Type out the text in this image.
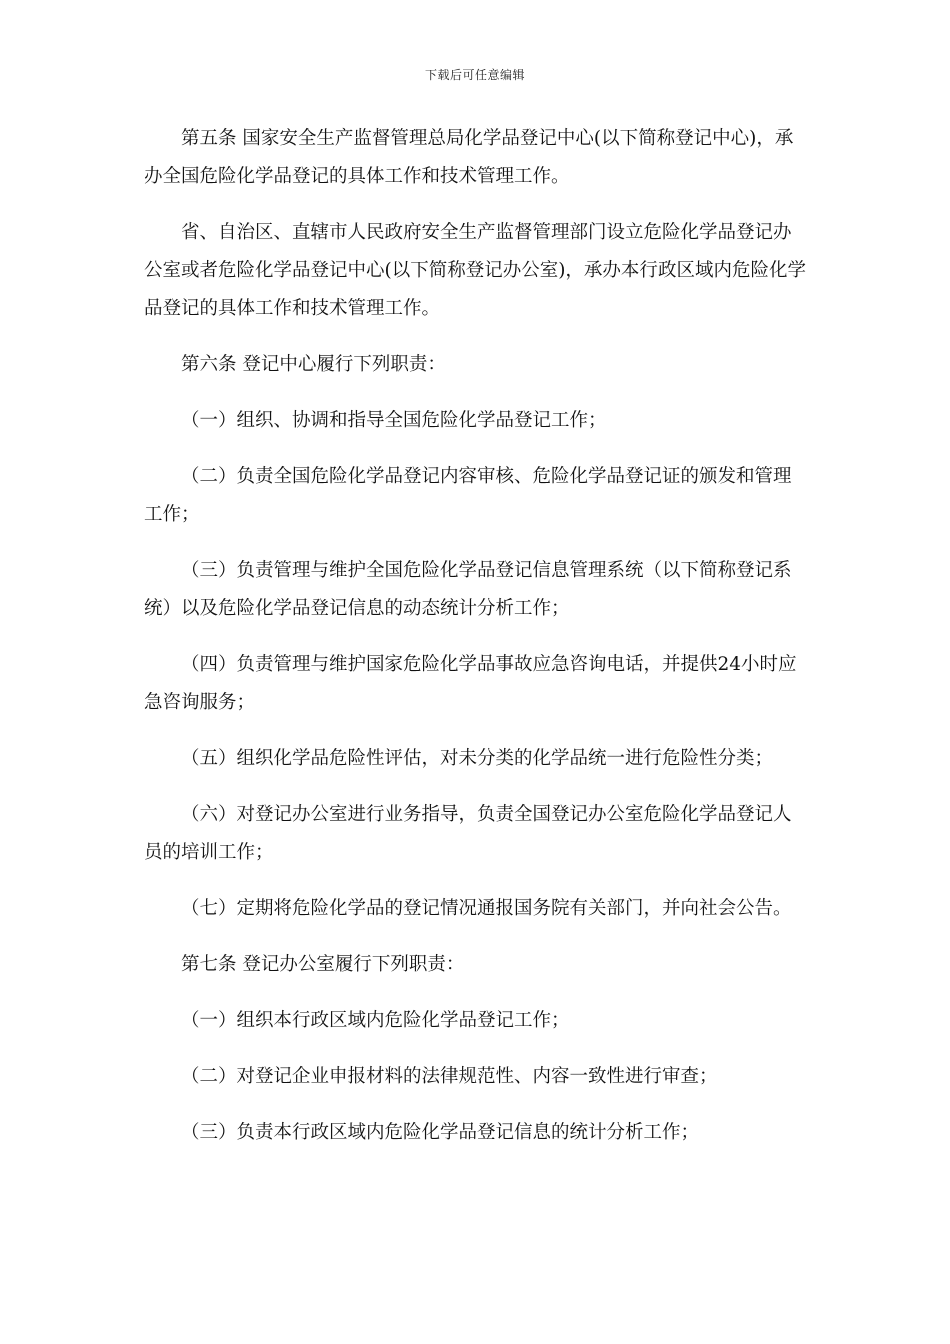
下载后可任意编辑

第五条 国家安全生产监督管理总局化学品登记中心(以下简称登记中心)，承办全国危险化学品登记的具体工作和技术管理工作。

省、自治区、直辖市人民政府安全生产监督管理部门设立危险化学品登记办公室或者危险化学品登记中心(以下简称登记办公室)，承办本行政区域内危险化学品登记的具体工作和技术管理工作。

第六条 登记中心履行下列职责：

（一）组织、协调和指导全国危险化学品登记工作；

（二）负责全国危险化学品登记内容审核、危险化学品登记证的颁发和管理工作；

（三）负责管理与维护全国危险化学品登记信息管理系统（以下简称登记系统）以及危险化学品登记信息的动态统计分析工作；

（四）负责管理与维护国家危险化学品事故应急咨询电话，并提供24小时应急咨询服务；

（五）组织化学品危险性评估，对未分类的化学品统一进行危险性分类；

（六）对登记办公室进行业务指导，负责全国登记办公室危险化学品登记人员的培训工作；

（七）定期将危险化学品的登记情况通报国务院有关部门，并向社会公告。

第七条 登记办公室履行下列职责：

（一）组织本行政区域内危险化学品登记工作；

（二）对登记企业申报材料的法律规范性、内容一致性进行审查；

（三）负责本行政区域内危险化学品登记信息的统计分析工作；
